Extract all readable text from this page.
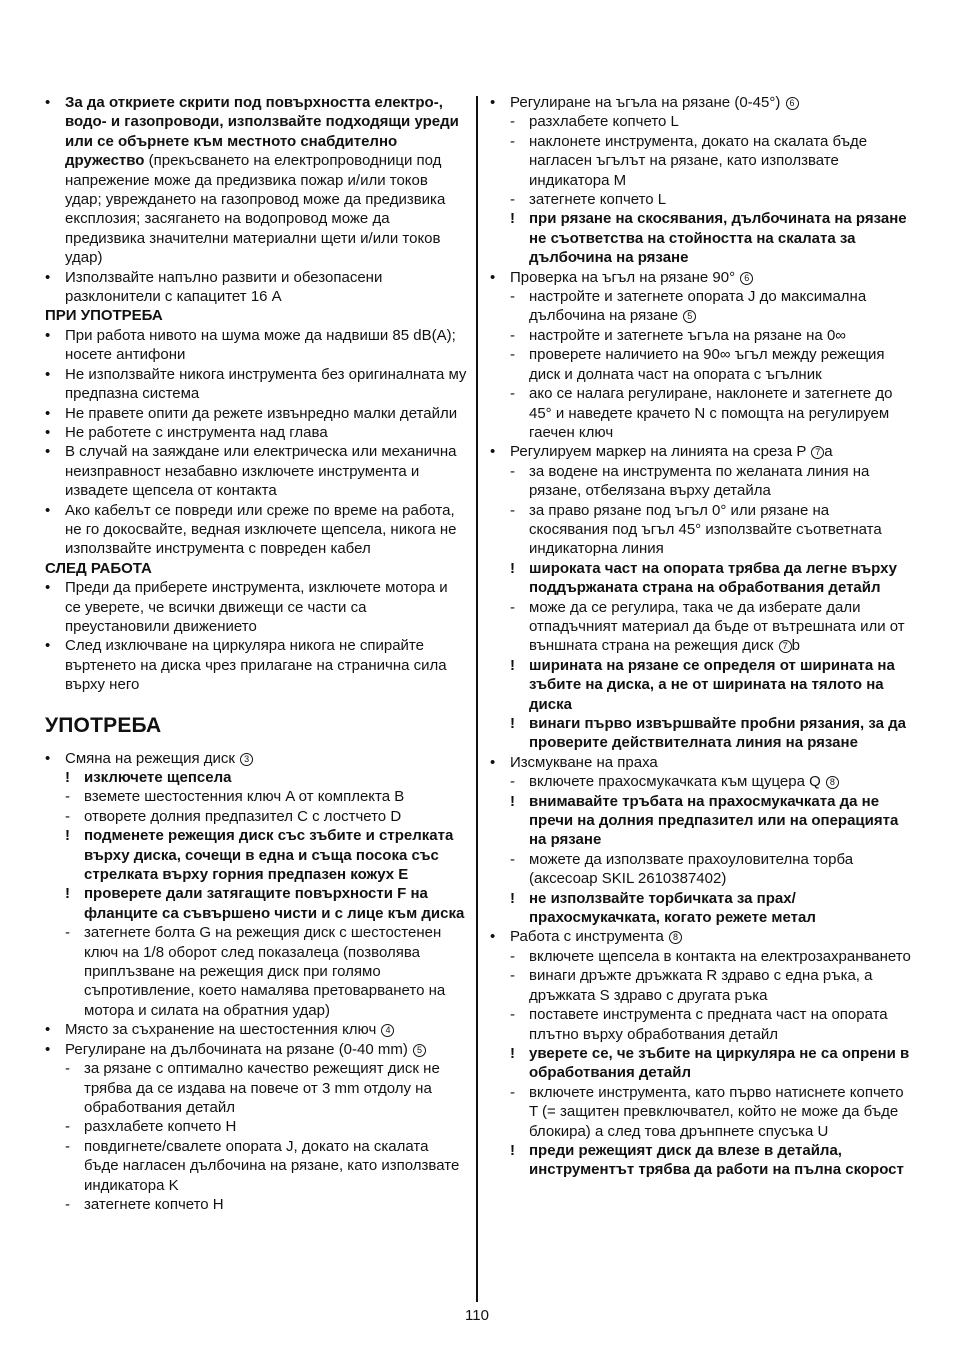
• За да откриете скрити под повърхността електро-, водо- и газопроводи, използвайте подходящи уреди или се обърнете към местното снабдително дружество (прекъсването на електропроводници под напрежение може да предизвика пожар и/или токов удар; увреждането на газопровод може да предизвика експлозия; засягането на водопровод може да предизвика значителни материални щети и/или токов удар)
• Използвайте напълно развити и обезопасени разклонители с капацитет 16 A
ПРИ УПОТРЕБА
• При работа нивото на шума може да надвиши 85 dB(A); носете антифони
• Не използвайте никога инструмента без оригиналната му предпазна система
• Не правете опити да режете извънредно малки детайли
• Не работете с инструмента над глава
• В случай на заяждане или електрическа или механична неизправност незабавно изключете инструмента и извадете щепсела от контакта
• Ако кабелът се повреди или среже по време на работа, не го докосвайте, ведная изключете щепсела, никога не използвайте инструмента с повреден кабел
СЛЕД РАБОТА
• Преди да приберете инструмента, изключете мотора и се уверете, че всички движещи се части са преустановили движението
• След изключване на циркуляра никога не спирайте въртенето на диска чрез прилагане на странична сила върху него
УПОТРЕБА
• Смяна на режещия диск 3
! изключете щепсела
- вземете шестостенния ключ A от комплекта B
- отворете долния предпазител C с лостчето D
! подменете режещия диск със зъбите и стрелката върху диска, сочещи в една и съща посока със стрелката върху горния предпазен кожух E
! проверете дали затягащите повърхности F на фланците са съвършено чисти и с лице към диска
- затегнете болта G на режещия диск с шестостенен ключ на 1/8 оборот след показалеца (позволява приплъзване на режещия диск при голямо съпротивление, което намалява претоварването на мотора и силата на обратния удар)
• Място за съхранение на шестостенния ключ 4
• Регулиране на дълбочината на рязане (0-40 mm) 5
- за рязане с оптимално качество режещият диск не трябва да се издава на повече от 3 mm отдолу на обработвания детайл
- разхлабете копчето H
- повдигнете/свалете опората J, докато на скалата бъде нагласен дълбочина на рязане, като използвате индикатора K
- затегнете копчето H
• Регулиране на ъгъла на рязане (0-45°) 6
- разхлабете копчето L
- наклонете инструмента, докато на скалата бъде нагласен ъгълът на рязане, като използвате индикатора M
- затегнете копчето L
! при рязане на скосявания, дълбочината на рязане не съответства на стойността на скалата за дълбочина на рязане
• Проверка на ъгъл на рязане 90° 6
- настройте и затегнете опората J до максимална дълбочина на рязане 5
- настройте и затегнете ъгъла на рязане на 0∞
- проверете наличието на 90∞ ъгъл между режещия диск и долната част на опората с ъгълник
- ако се налага регулиране, наклонете и затегнете до 45° и наведете крачето N с помощта на регулируем гаечен ключ
• Регулируем маркер на линията на среза P 7 a
- за водене на инструмента по желаната линия на рязане, отбелязана върху детайла
- за право рязане под ъгъл 0° или рязане на скосявания под ъгъл 45° използвайте съответната индикаторна линия
! широката част на опората трябва да легне върху поддържаната страна на обработвания детайл
- може да се регулира, така че да изберате дали отпадъчният материал да бъде от вътрешната или от външната страна на режещия диск 7 b
! ширината на рязане се определя от ширината на зъбите на диска, а не от ширината на тялото на диска
! винаги първо извършвайте пробни рязания, за да проверите действителната линия на рязане
• Изсмукване на праха
- включете прахосмукачката към щуцера Q 8
! внимавайте тръбата на прахосмукачката да не пречи на долния предпазител или на операцията на рязане
- можете да използвате прахоуловителна торба (аксесоар SKIL 2610387402)
! не използвайте торбичката за прах/ прахосмукачката, когато режете метал
• Работа с инструмента 8
- включете щепсела в контакта на електрозахранването
- винаги дръжте дръжката R здраво с една ръка, а дръжката S здраво с другата ръка
- поставете инструмента с предната част на опората плътно върху обработвания детайл
! уверете се, че зъбите на циркуляра не са опрени в обработвания детайл
- включете инструмента, като първо натиснете копчето T (= защитен превключвател, който не може да бъде блокира) а след това дрънпнете спусъка U
! преди режещият диск да влезе в детайла, инструментът трябва да работи на пълна скорост
110
